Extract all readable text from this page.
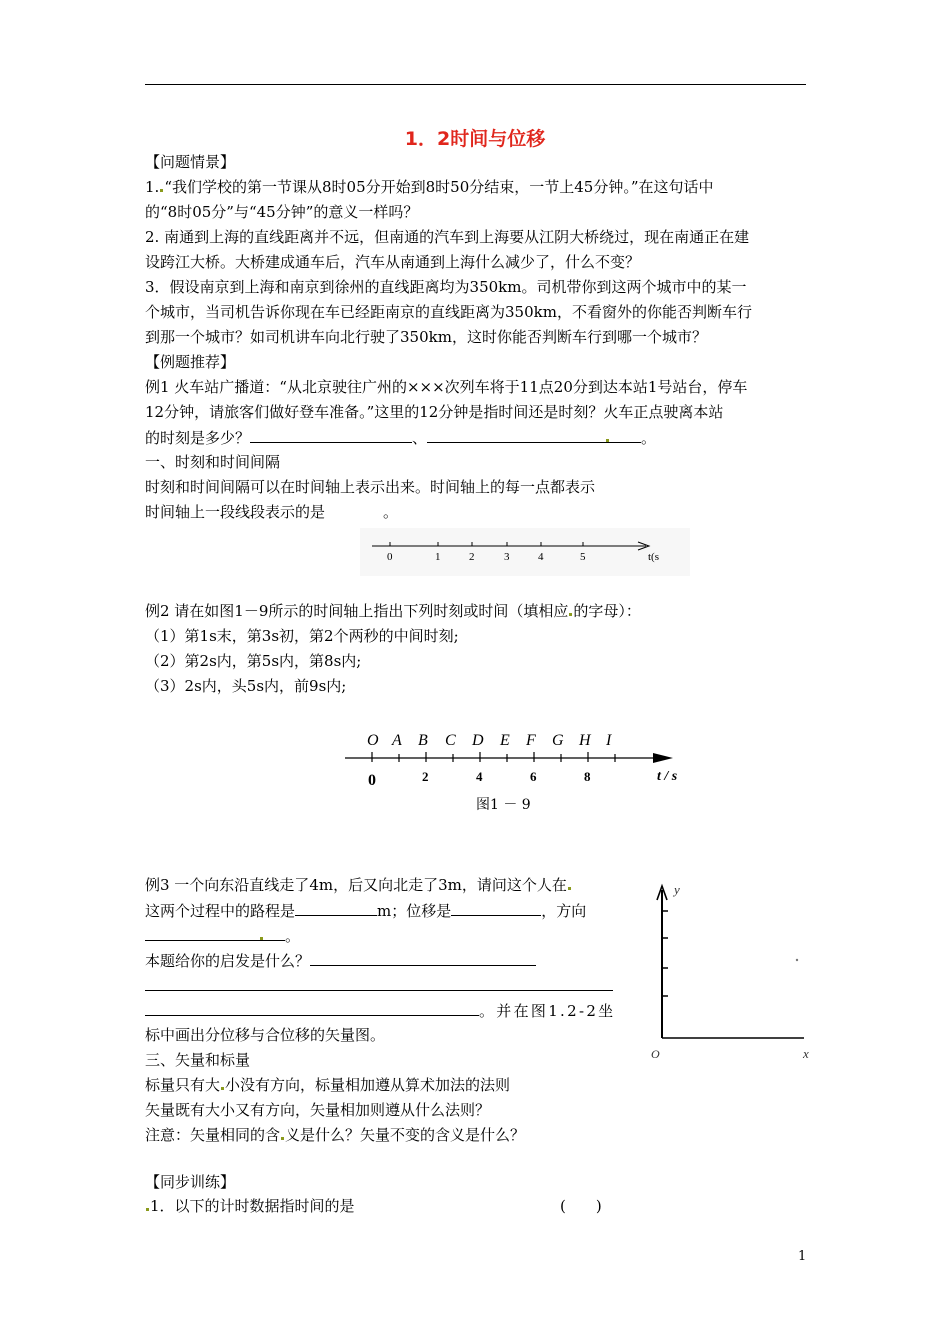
1．2时间与位移
【问题情景】
1. “我们学校的第一节课从8时05分开始到8时50分结束，一节上45分钟。”在这句话中
的“8时05分”与“45分钟”的意义一样吗？
2. 南通到上海的直线距离并不远，但南通的汽车到上海要从江阴大桥绕过，现在南通正在建
设跨江大桥。大桥建成通车后，汽车从南通到上海什么减少了，什么不变？
3．假设南京到上海和南京到徐州的直线距离均为350km。司机带你到这两个城市中的某一
个城市，当司机告诉你现在车已经距南京的直线距离为350km，不看窗外的你能否判断车行
到那一个城市？如司机讲车向北行驶了350km，这时你能否判断车行到哪一个城市？
【例题推荐】
例1 火车站广播道：“从北京驶往广州的×××次列车将于11点20分到达本站1号站台，停车
12分钟，请旅客们做好登车准备。”这里的12分钟是指时间还是时刻？火车正点驶离本站
的时刻是多少？	、	。
一、时刻和时间间隔
时刻和时间间隔可以在时间轴上表示出来。时间轴上的每一点都表示
时间轴上一段线段表示的是	。
0	1	2	3	4	5	t(s
例2 请在如图1－9所示的时间轴上指出下列时刻或时间（填相应 的字母）：
（1）第1s末，第3s初，第2个两秒的中间时刻;
（2）第2s内，第5s内，第8s内;
（3）2s内，头5s内，前9s内;
O A B C D E F G H I
0	2	4	6	8	t / s
图1 － 9
例3 一个向东沿直线走了4m，后又向北走了3m，请问这个人在
这两个过程中的路程是	m；位移是	，方向
。
本题给你的启发是什么？
。并在图1.2-2坐
标中画出分位移与合位移的矢量图。
y
x
O
三、矢量和标量
标量只有大 小没有方向，标量相加遵从算术加法的法则
矢量既有大小又有方向，矢量相加则遵从什么法则？
注意：矢量相同的含 义是什么？矢量不变的含义是什么？
【同步训练】
1．以下的计时数据指时间的是	(　　)
1
